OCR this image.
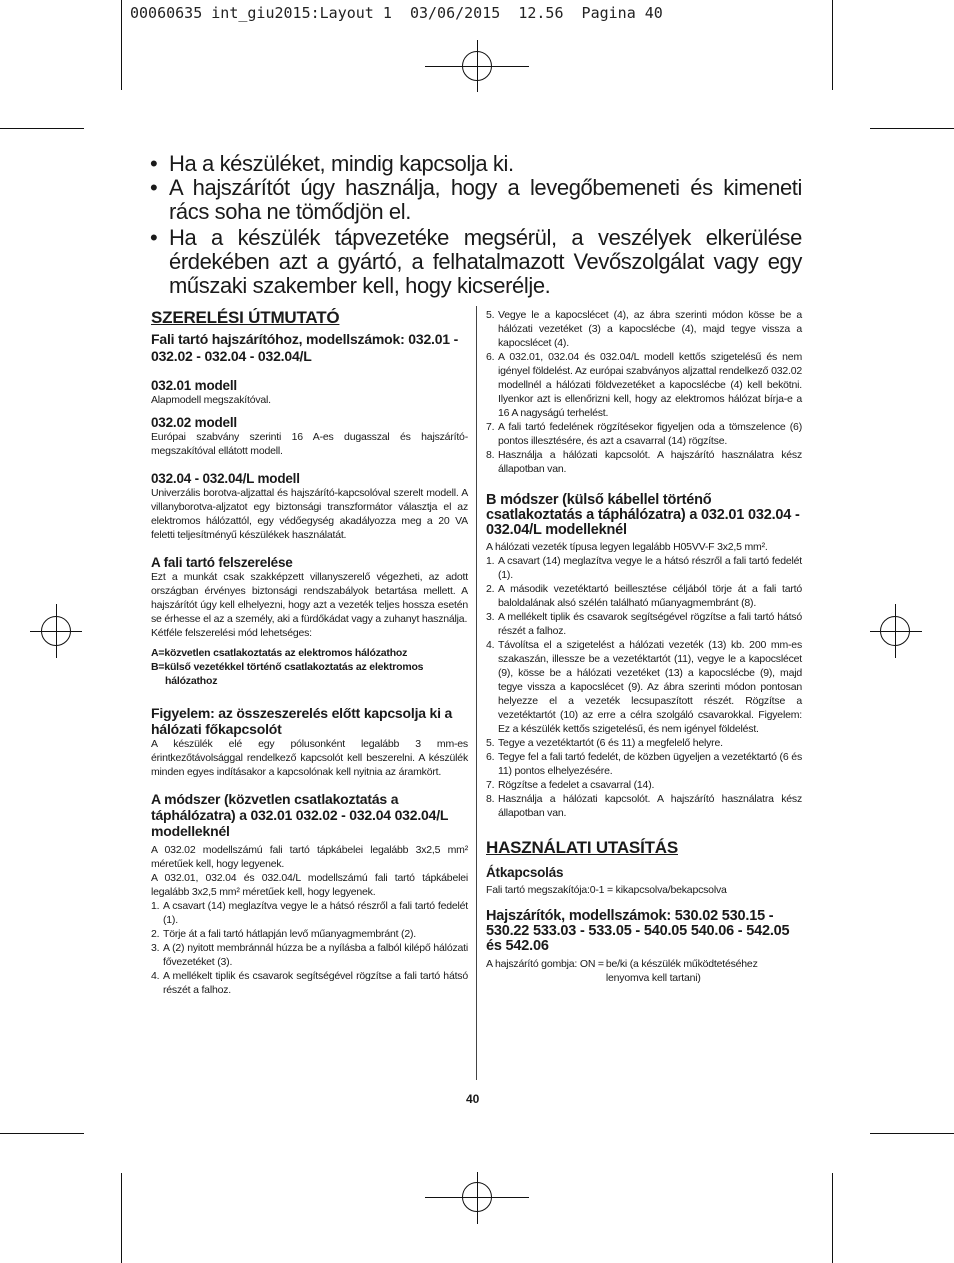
00060635 int_giu2015:Layout 1  03/06/2015  12.56  Pagina 40

• Ha a készüléket, mindig kapcsolja ki.

• A hajszárítót úgy használja, hogy a levegőbemeneti és kimeneti rács soha ne tömődjön el.

• Ha a készülék tápvezetéke megsérül, a veszélyek elkerülése érdekében azt a gyártó, a felhatalmazott Vevőszolgálat vagy egy műszaki szakember kell, hogy kicserélje.

SZERELÉSI ÚTMUTATÓ
Fali tartó hajszárítóhoz, modellszámok: 032.01 - 032.02 - 032.04 - 032.04/L
032.01 modell

Alapmodell megszakítóval.

032.02 modell

Európai szabvány szerinti 16 A-es dugasszal és hajszárító-megszakítóval ellátott modell.

032.04 - 032.04/L modell

Univerzális borotva-aljzattal és hajszárító-kapcsolóval szerelt modell. A villanyborotva-aljzatot egy biztonsági transzformátor választja el az elektromos hálózattól, egy védőegység akadályozza meg a 20 VA feletti teljesítményű készülékek használatát.

A fali tartó felszerelése

Ezt a munkát csak szakképzett villanyszerelő végezheti, az adott országban érvényes biztonsági rendszabályok betartása mellett. A hajszárítót úgy kell elhelyezni, hogy azt a vezeték teljes hossza esetén se érhesse el az a személy, aki a fürdőkádat vagy a zuhanyt használja.

Kétféle felszerelési mód lehetséges:

A=közvetlen csatlakoztatás az elektromos hálózathoz

B=külső vezetékkel történő csatlakoztatás az elektromos hálózathoz

Figyelem: az összeszerelés előtt kapcsolja ki a hálózati főkapcsolót

A készülék elé egy pólusonként legalább 3 mm-es érintkezőtávolsággal rendelkező kapcsolót kell beszerelni. A készülék minden egyes indításakor a kapcsolónak kell nyitnia az áramkört.

A módszer (közvetlen csatlakoztatás a táphálózatra) a 032.01 032.02 - 032.04 032.04/L modelleknél

A 032.02 modellszámú fali tartó tápkábelei legalább 3x2,5 mm² méretűek kell, hogy legyenek.

A 032.01, 032.04 és 032.04/L modellszámú fali tartó tápkábelei legalább 3x2,5 mm² méretűek kell, hogy legyenek.

1. A csavart (14) meglazítva vegye le a hátsó részről a fali tartó fedelét (1).
2. Törje át a fali tartó hátlapján levő műanyagmembránt (2).
3. A (2) nyitott membránnál húzza be a nyílásba a falból kilépő hálózati fővezetéket (3).
4. A mellékelt tiplik és csavarok segítségével rögzítse a fali tartó hátsó részét a falhoz.
5. Vegye le a kapocslécet (4), az ábra szerinti módon kösse be a hálózati vezetéket (3) a kapocslécbe (4), majd tegye vissza a kapocslécet (4).
6. A 032.01, 032.04 és 032.04/L modell kettős szigetelésű és nem igényel földelést. Az európai szabványos aljzattal rendelkező 032.02 modellnél a hálózati földvezetéket a kapocslécbe (4) kell bekötni. Ilyenkor azt is ellenőrizni kell, hogy az elektromos hálózat bírja-e a 16 A nagyságú terhelést.
7. A fali tartó fedelének rögzítésekor figyeljen oda a tömszelence (6) pontos illesztésére, és azt a csavarral (14) rögzítse.
8. Használja a hálózati kapcsolót. A hajszárító használatra kész állapotban van.
B módszer (külső kábellel történő csatlakoztatás a táphálózatra) a 032.01 032.04 - 032.04/L modelleknél

A hálózati vezeték típusa legyen legalább H05VV-F 3x2,5 mm².

1. A csavart (14) meglazítva vegye le a hátsó részről a fali tartó fedelét (1).
2. A második vezetéktartó beillesztése céljából törje át a fali tartó baloldalának alsó szélén található műanyagmembránt (8).
3. A mellékelt tiplik és csavarok segítségével rögzítse a fali tartó hátsó részét a falhoz.
4. Távolítsa el a szigetelést a hálózati vezeték (13) kb. 200 mm-es szakaszán, illessze be a vezetéktartót (11), vegye le a kapocslécet (9), kösse be a hálózati vezetéket (13) a kapocslécbe (9), majd tegye vissza a kapocslécet (9). Az ábra szerinti módon pontosan helyezze el a vezeték lecsupaszított részét. Rögzítse a vezetéktartót (10) az erre a célra szolgáló csavarokkal. Figyelem: Ez a készülék kettős szigetelésű, és nem igényel földelést.
5. Tegye a vezetéktartót (6 és 11) a megfelelő helyre.
6. Tegye fel a fali tartó fedelét, de közben ügyeljen a vezetéktartó (6 és 11) pontos elhelyezésére.
7. Rögzítse a fedelet a csavarral (14).
8. Használja a hálózati kapcsolót. A hajszárító használatra kész állapotban van.
HASZNÁLATI UTASÍTÁS
Átkapcsolás

Fali tartó megszakítója:0-1 = kikapcsolva/bekapcsolva

Hajszárítók, modellszámok: 530.02 530.15 - 530.22 533.03 - 533.05 - 540.05 540.06 - 542.05 és 542.06
A hajszárító gombja: ON = be/ki (a készülék működtetéséhez lenyomva kell tartani)
40
